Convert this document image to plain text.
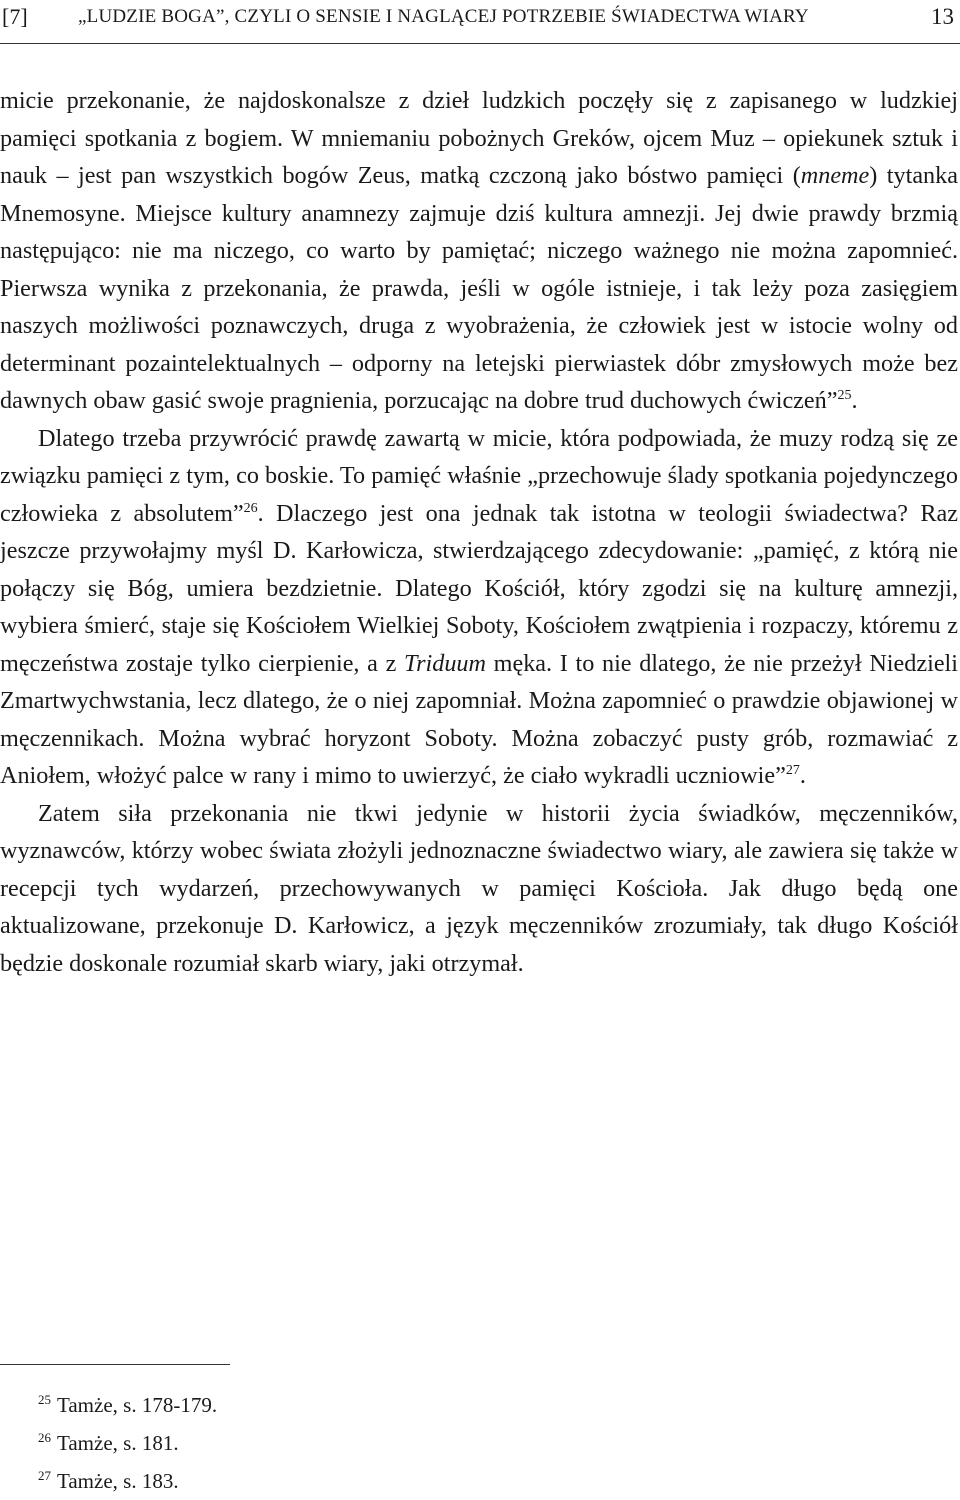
[7]	„LUDZIE BOGA”, CZYLI O SENSIE I NAGLĄCEJ POTRZEBIE ŚWIADECTWA WIARY	13

micie przekonanie, że najdoskonalsze z dzieł ludzkich poczęły się z zapisanego w ludzkiej pamięci spotkania z bogiem. W mniemaniu pobożnych Greków, ojcem Muz – opiekunek sztuk i nauk – jest pan wszystkich bogów Zeus, matką czczoną jako bóstwo pamięci (mneme) tytanka Mnemosyne. Miejsce kultury anamnezy zajmuje dziś kultura amnezji. Jej dwie prawdy brzmią następująco: nie ma niczego, co warto by pamiętać; niczego ważnego nie można zapomnieć. Pierwsza wynika z przekonania, że prawda, jeśli w ogóle istnieje, i tak leży poza zasięgiem naszych możliwości poznawczych, druga z wyobrażenia, że człowiek jest w istocie wolny od determinant pozaintelektualnych – odporny na letejski pierwiastek dóbr zmysłowych może bez dawnych obaw gasić swoje pragnienia, porzucając na dobre trud duchowych ćwiczeń”$^{25}$.

Dlatego trzeba przywrócić prawdę zawartą w micie, która podpowiada, że muzy rodzą się ze związku pamięci z tym, co boskie. To pamięć właśnie „przechowuje ślady spotkania pojedynczego człowieka z absolutem”$^{26}$. Dlaczego jest ona jednak tak istotna w teologii świadectwa? Raz jeszcze przywołajmy myśl D. Karłowicza, stwierdzającego zdecydowanie: „pamięć, z którą nie połączy się Bóg, umiera bezdzietnie. Dlatego Kościół, który zgodzi się na kulturę amnezji, wybiera śmierć, staje się Kościołem Wielkiej Soboty, Kościołem zwątpienia i rozpaczy, któremu z męczeństwa zostaje tylko cierpienie, a z Triduum męka. I to nie dlatego, że nie przeżył Niedzieli Zmartwychwstania, lecz dlatego, że o niej zapomniał. Można zapomnieć o prawdzie objawionej w męczennikach. Można wybrać horyzont Soboty. Można zobaczyć pusty grób, rozmawiać z Aniołem, włożyć palce w rany i mimo to uwierzyć, że ciało wykradli uczniowie”$^{27}$.

Zatem siła przekonania nie tkwi jedynie w historii życia świadków, męczenników, wyznawców, którzy wobec świata złożyli jednoznaczne świadectwo wiary, ale zawiera się także w recepcji tych wydarzeń, przechowywanych w pamięci Kościoła. Jak długo będą one aktualizowane, przekonuje D. Karłowicz, a język męczenników zrozumiały, tak długo Kościół będzie doskonale rozumiał skarb wiary, jaki otrzymał.

$^{25}$ Tamże, s. 178-179.
$^{26}$ Tamże, s. 181.
$^{27}$ Tamże, s. 183.
